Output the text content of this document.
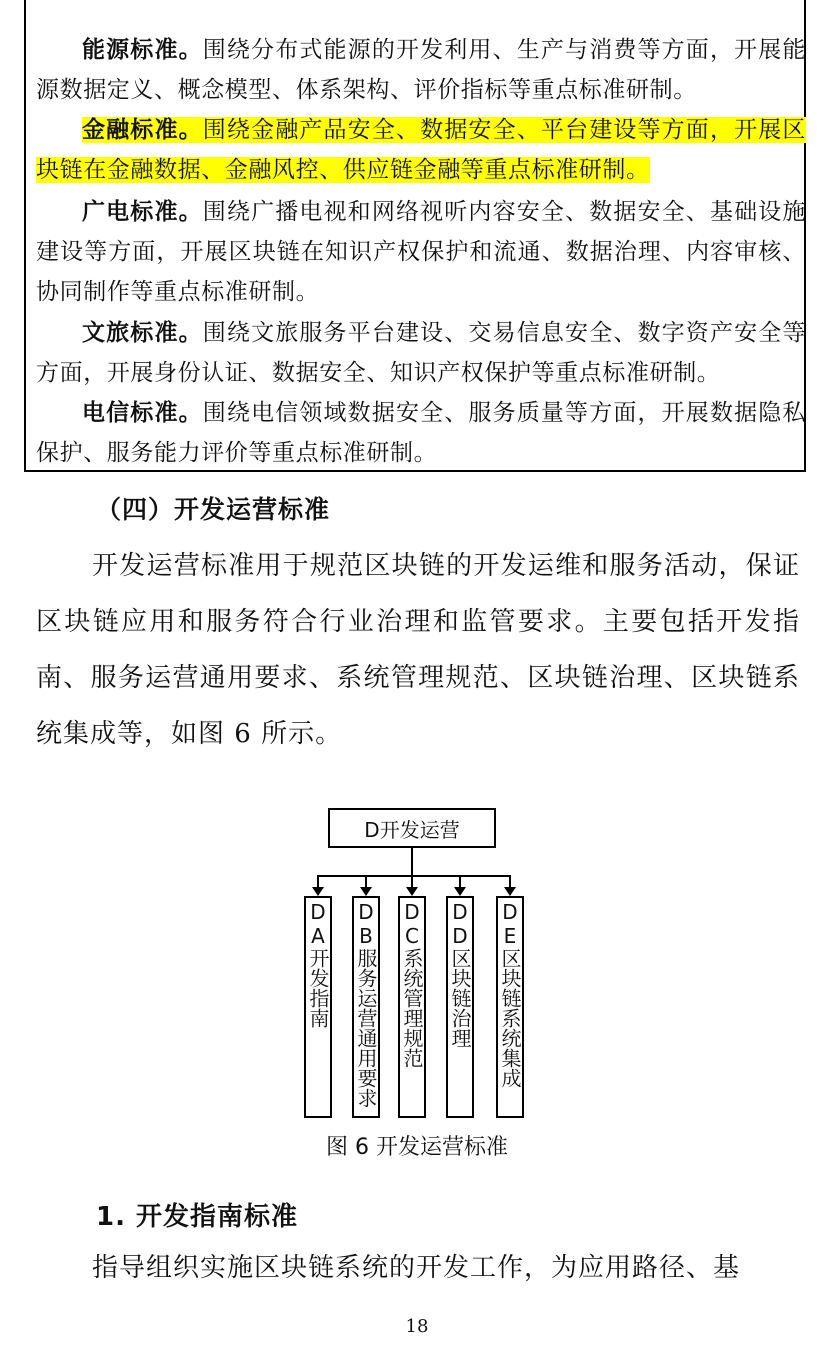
能源标准。围绕分布式能源的开发利用、生产与消费等方面，开展能源数据定义、概念模型、体系架构、评价指标等重点标准研制。

金融标准。围绕金融产品安全、数据安全、平台建设等方面，开展区块链在金融数据、金融风控、供应链金融等重点标准研制。

广电标准。围绕广播电视和网络视听内容安全、数据安全、基础设施建设等方面，开展区块链在知识产权保护和流通、数据治理、内容审核、协同制作等重点标准研制。

文旅标准。围绕文旅服务平台建设、交易信息安全、数字资产安全等方面，开展身份认证、数据安全、知识产权保护等重点标准研制。

电信标准。围绕电信领域数据安全、服务质量等方面，开展数据隐私保护、服务能力评价等重点标准研制。

（四）开发运营标准

开发运营标准用于规范区块链的开发运维和服务活动，保证区块链应用和服务符合行业治理和监管要求。主要包括开发指南、服务运营通用要求、系统管理规范、区块链治理、区块链系统集成等，如图 6 所示。

D开发运营
DA开发指南 DB服务运营通用要求 DC系统管理规范 DD区块链治理 DE区块链系统集成

图 6 开发运营标准

1. 开发指南标准

指导组织实施区块链系统的开发工作，为应用路径、基

18
